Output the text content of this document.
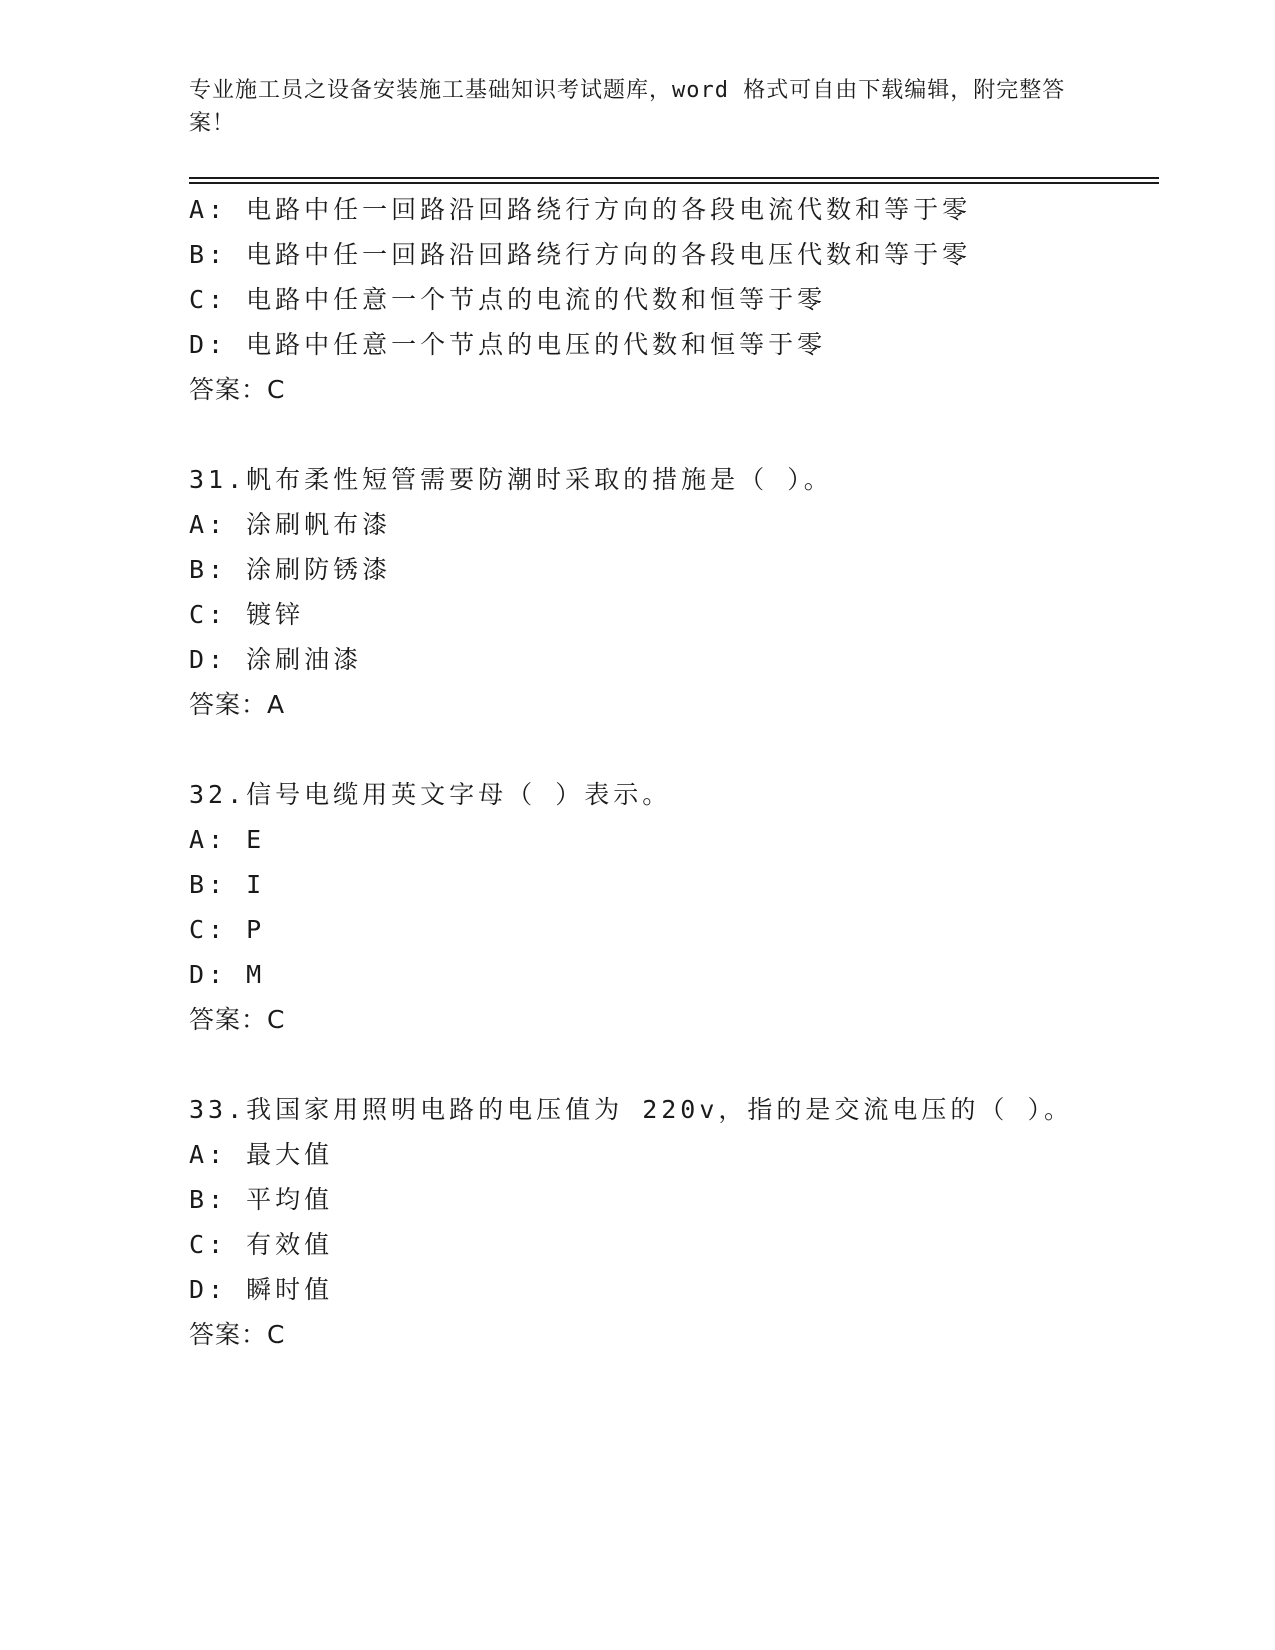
专业施工员之设备安装施工基础知识考试题库，word 格式可自由下载编辑，附完整答案！
A: 电路中任一回路沿回路绕行方向的各段电流代数和等于零
B: 电路中任一回路沿回路绕行方向的各段电压代数和等于零
C: 电路中任意一个节点的电流的代数和恒等于零
D: 电路中任意一个节点的电压的代数和恒等于零
答案：C
31.帆布柔性短管需要防潮时采取的措施是（ ）。
A: 涂刷帆布漆
B: 涂刷防锈漆
C: 镀锌
D: 涂刷油漆
答案：A
32.信号电缆用英文字母（ ）表示。
A: E
B: I
C: P
D: M
答案：C
33.我国家用照明电路的电压值为 220v，指的是交流电压的（ ）。
A: 最大值
B: 平均值
C: 有效值
D: 瞬时值
答案：C
